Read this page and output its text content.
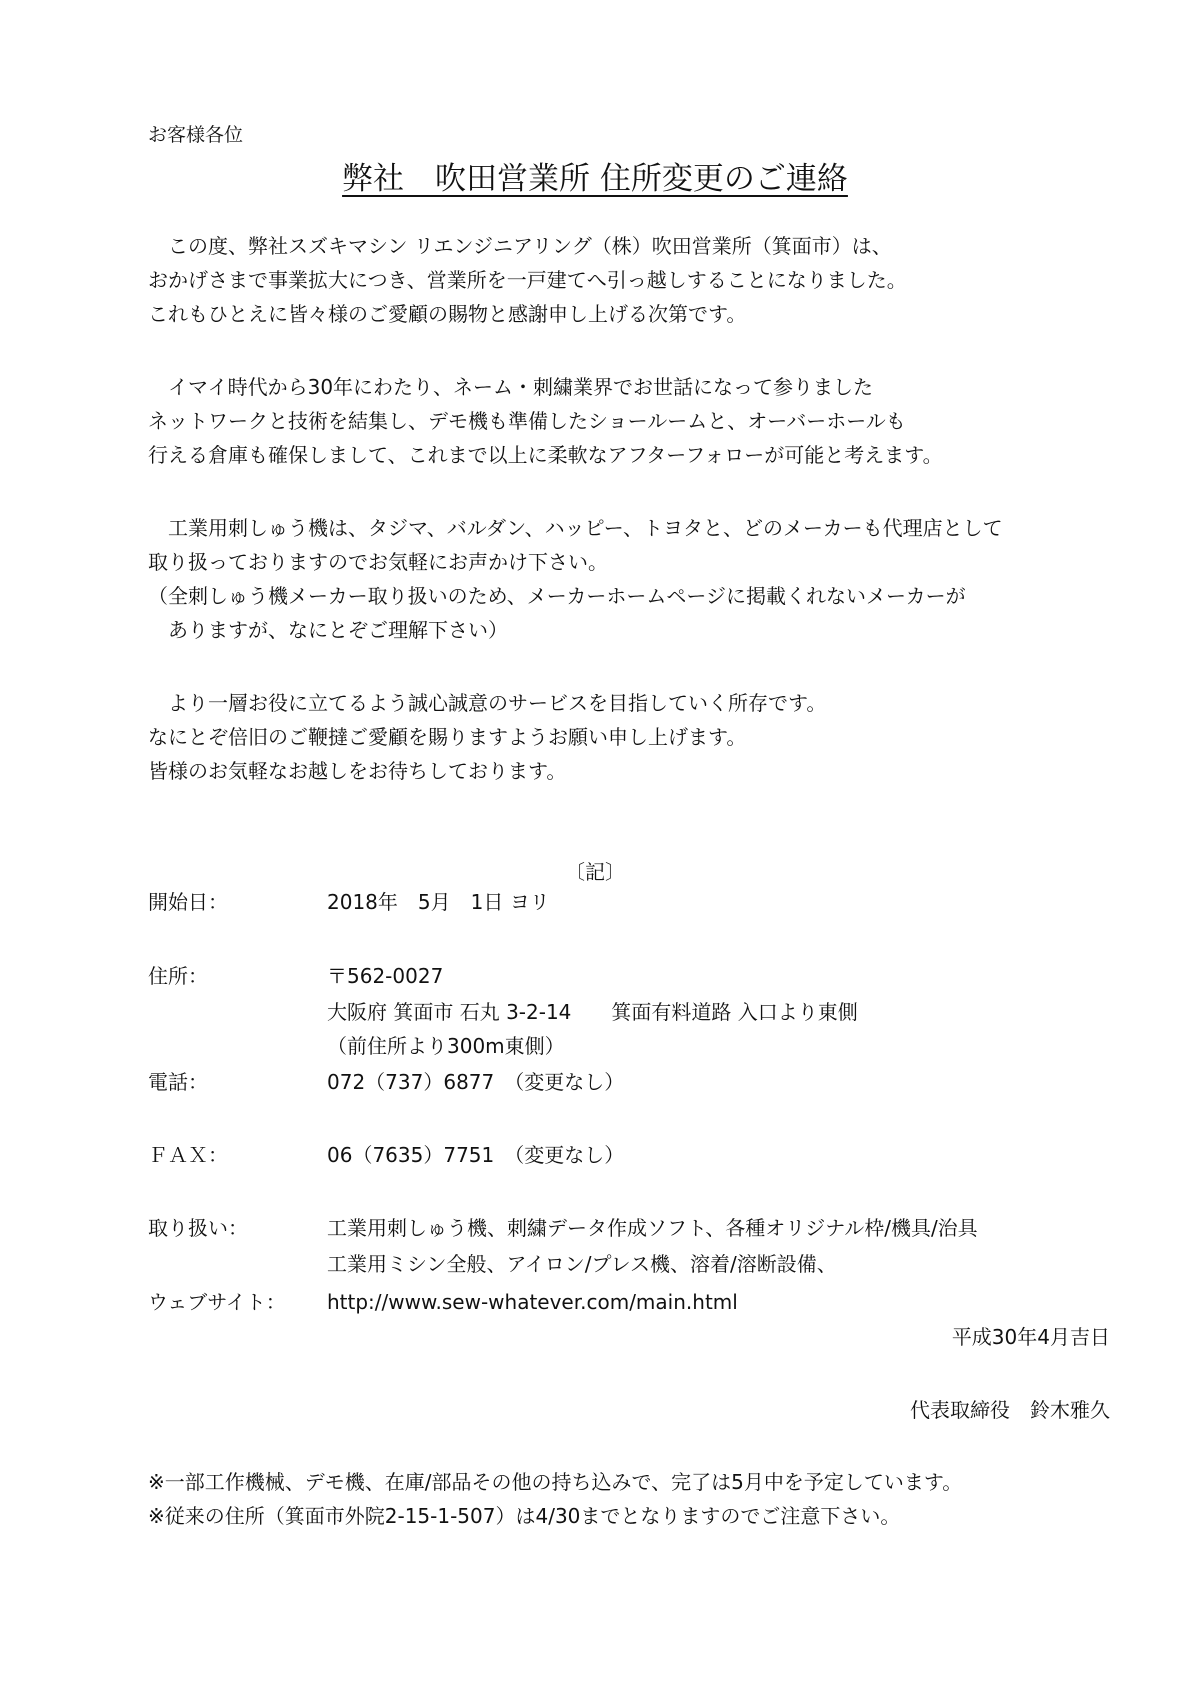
お客様各位
弊社　吹田営業所 住所変更のご連絡
　この度、弊社スズキマシン リエンジニアリング（株）吹田営業所（箕面市）は、
おかげさまで事業拡大につき、営業所を一戸建てへ引っ越しすることになりました。
これもひとえに皆々様のご愛顧の賜物と感謝申し上げる次第です。
　イマイ時代から30年にわたり、ネーム・刺繍業界でお世話になって参りました
ネットワークと技術を結集し、デモ機も準備したショールームと、オーバーホールも
行える倉庫も確保しまして、これまで以上に柔軟なアフターフォローが可能と考えます。
　工業用刺しゅう機は、タジマ、バルダン、ハッピー、トヨタと、どのメーカーも代理店として
取り扱っておりますのでお気軽にお声かけ下さい。
（全刺しゅう機メーカー取り扱いのため、メーカーホームページに掲載くれないメーカーが
　ありますが、なにとぞご理解下さい）
　より一層お役に立てるよう誠心誠意のサービスを目指していく所存です。
なにとぞ倍旧のご鞭撻ご愛顧を賜りますようお願い申し上げます。
皆様のお気軽なお越しをお待ちしております。
〔記〕
開始日：	2018年　5月　1日 ヨリ
住所：	〒562-0027
大阪府 箕面市 石丸 3-2-14　　箕面有料道路 入口より東側
（前住所より300m東側）
電話：	072（737）6877　（変更なし）
ＦＡＸ：	06（7635）7751　（変更なし）
取り扱い：	工業用刺しゅう機、刺繍データ作成ソフト、各種オリジナル枠/機具/治具
工業用ミシン全般、アイロン/プレス機、溶着/溶断設備、
ウェブサイト： http://www.sew-whatever.com/main.html
平成30年4月吉日
代表取締役　鈴木雅久
※一部工作機械、デモ機、在庫/部品その他の持ち込みで、完了は5月中を予定しています。
※従来の住所（箕面市外院2-15-1-507）は4/30までとなりますのでご注意下さい。
